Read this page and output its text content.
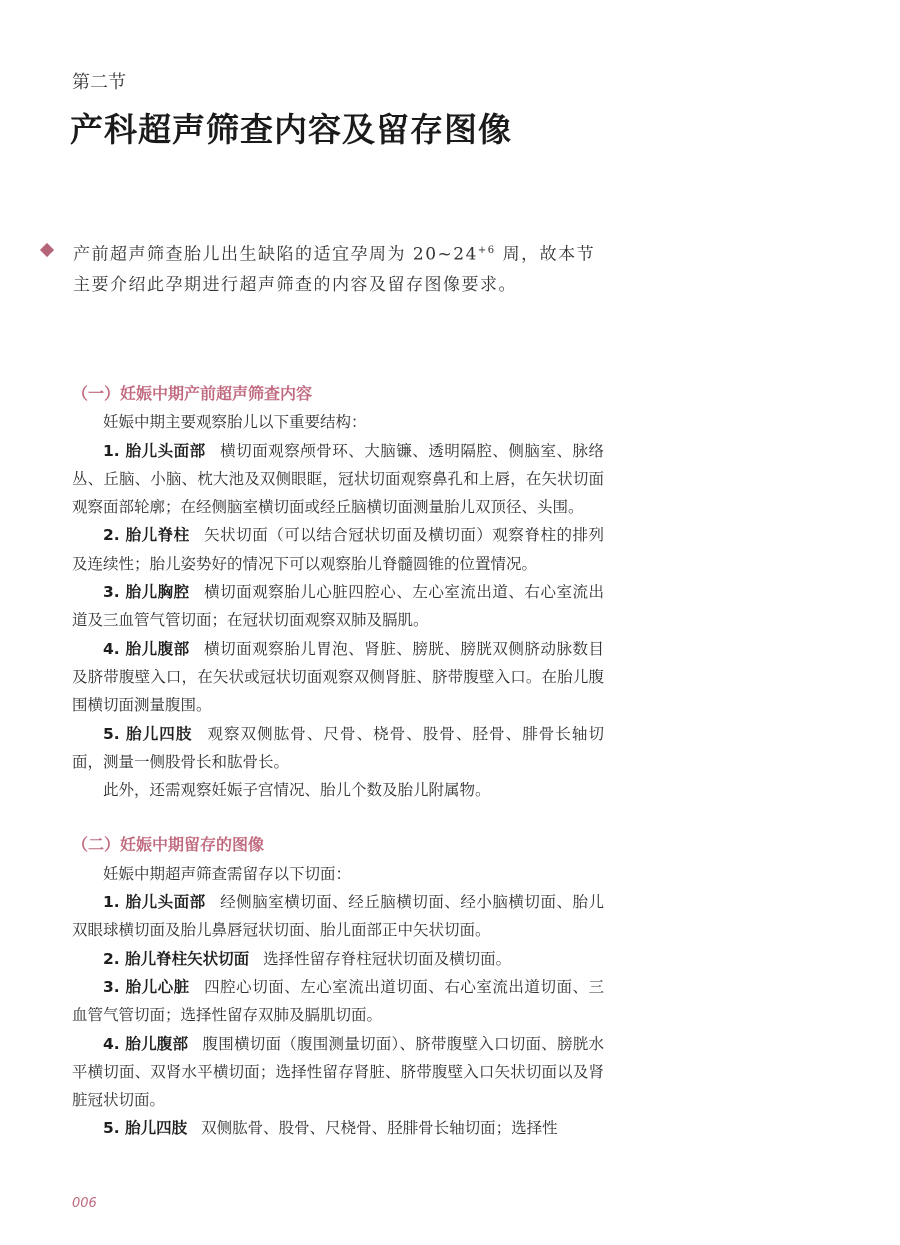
第二节
产科超声筛查内容及留存图像

产前超声筛查胎儿出生缺陷的适宜孕周为 $20\sim 24^{+6}$ 周，故本节主要介绍此孕期进行超声筛查的内容及留存图像要求。

（一）妊娠中期产前超声筛查内容

妊娠中期主要观察胎儿以下重要结构：

1. 胎儿头面部 横切面观察颅骨环、大脑镰、透明隔腔、侧脑室、脉络丛、丘脑、小脑、枕大池及双侧眼眶，冠状切面观察鼻孔和上唇，在矢状切面观察面部轮廓；在经侧脑室横切面或经丘脑横切面测量胎儿双顶径、头围。

2. 胎儿脊柱 矢状切面（可以结合冠状切面及横切面）观察脊柱的排列及连续性；胎儿姿势好的情况下可以观察胎儿脊髓圆锥的位置情况。

3. 胎儿胸腔 横切面观察胎儿心脏四腔心、左心室流出道、右心室流出道及三血管气管切面；在冠状切面观察双肺及膈肌。

4. 胎儿腹部 横切面观察胎儿胃泡、肾脏、膀胱、膀胱双侧脐动脉数目及脐带腹壁入口，在矢状或冠状切面观察双侧肾脏、脐带腹壁入口。在胎儿腹围横切面测量腹围。

5. 胎儿四肢 观察双侧肱骨、尺骨、桡骨、股骨、胫骨、腓骨长轴切面，测量一侧股骨长和肱骨长。

此外，还需观察妊娠子宫情况、胎儿个数及胎儿附属物。

（二）妊娠中期留存的图像

妊娠中期超声筛查需留存以下切面：

1. 胎儿头面部 经侧脑室横切面、经丘脑横切面、经小脑横切面、胎儿双眼球横切面及胎儿鼻唇冠状切面、胎儿面部正中矢状切面。

2. 胎儿脊柱矢状切面 选择性留存脊柱冠状切面及横切面。

3. 胎儿心脏 四腔心切面、左心室流出道切面、右心室流出道切面、三血管气管切面；选择性留存双肺及膈肌切面。

4. 胎儿腹部 腹围横切面（腹围测量切面）、脐带腹壁入口切面、膀胱水平横切面、双肾水平横切面；选择性留存肾脏、脐带腹壁入口矢状切面以及肾脏冠状切面。

5. 胎儿四肢 双侧肱骨、股骨、尺桡骨、胫腓骨长轴切面；选择性

006
